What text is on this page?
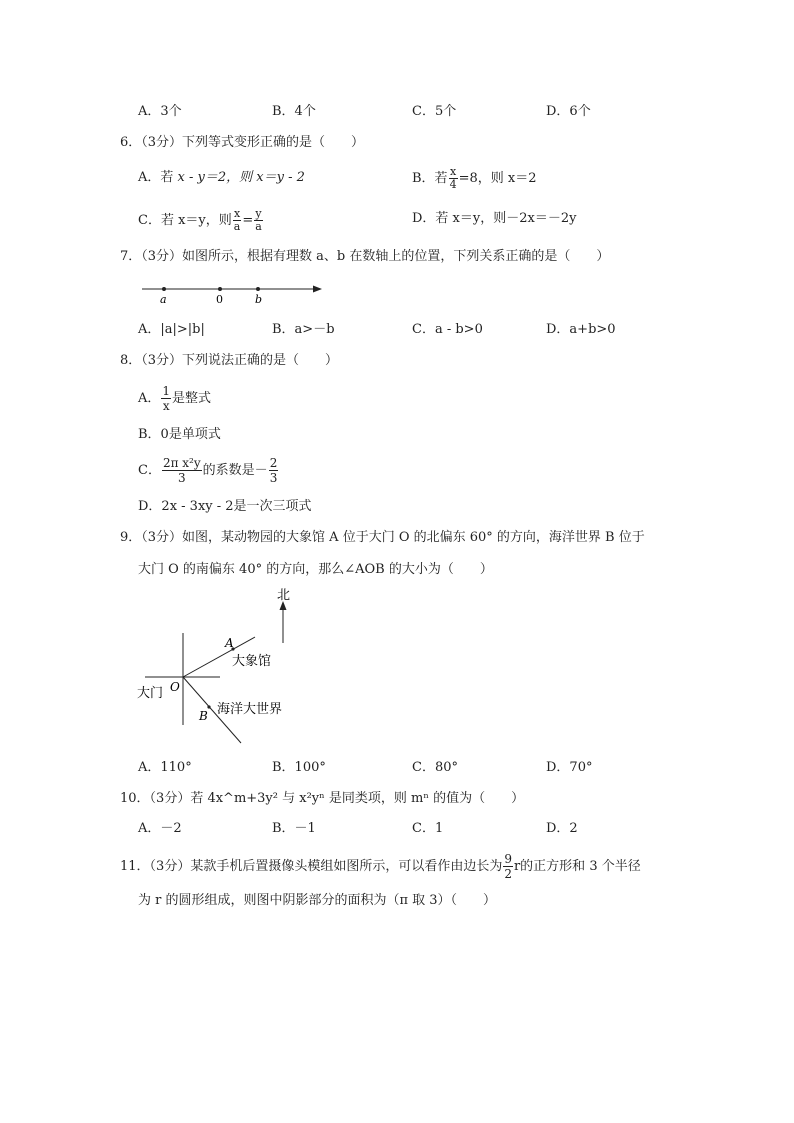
A．3个	B．4个	C．5个	D．6个
6．（3分）下列等式变形正确的是（　　）
A．若 x - y＝2，则 x＝y - 2	B．若 $\frac{x}{4} =8$，则 x＝2
C．若 x＝y，则 $\frac{x}{a} = \frac{y}{a}$	D．若 x＝y，则－2x＝－2y
7．（3分）如图所示，根据有理数 a、b 在数轴上的位置，下列关系正确的是（　　）
a	0	b
A．|a|>|b|	B．a>－b	C．a - b>0	D．a+b>0
8．（3分）下列说法正确的是（　　）
A． $\frac{1}{x}$ 是整式
B．0是单项式
C． $\frac{\text{2π x²y}}{3}$ 的系数是－ $\frac{2}{3}$
D．2x - 3xy - 2是一次三项式
9．（3分）如图，某动物园的大象馆 A 位于大门 O 的北偏东 60° 的方向，海洋世界 B 位于
大门 O 的南偏东 40° 的方向，那么∠AOB 的大小为（　　）
北
A
大象馆
B 海洋大世界
O
大门
A．110°	B．100°	C．80°	D．70°
10．（3分）若 4x^m+3y² 与 x²yⁿ 是同类项，则 mⁿ 的值为（　　）
A．－2	B．－1	C．1	D．2
11．（3分）某款手机后置摄像头模组如图所示，可以看作由边长为 $\frac{9}{2}$ r的正方形和 3 个半径
为 r 的圆形组成，则图中阴影部分的面积为（π 取 3）（　　）
